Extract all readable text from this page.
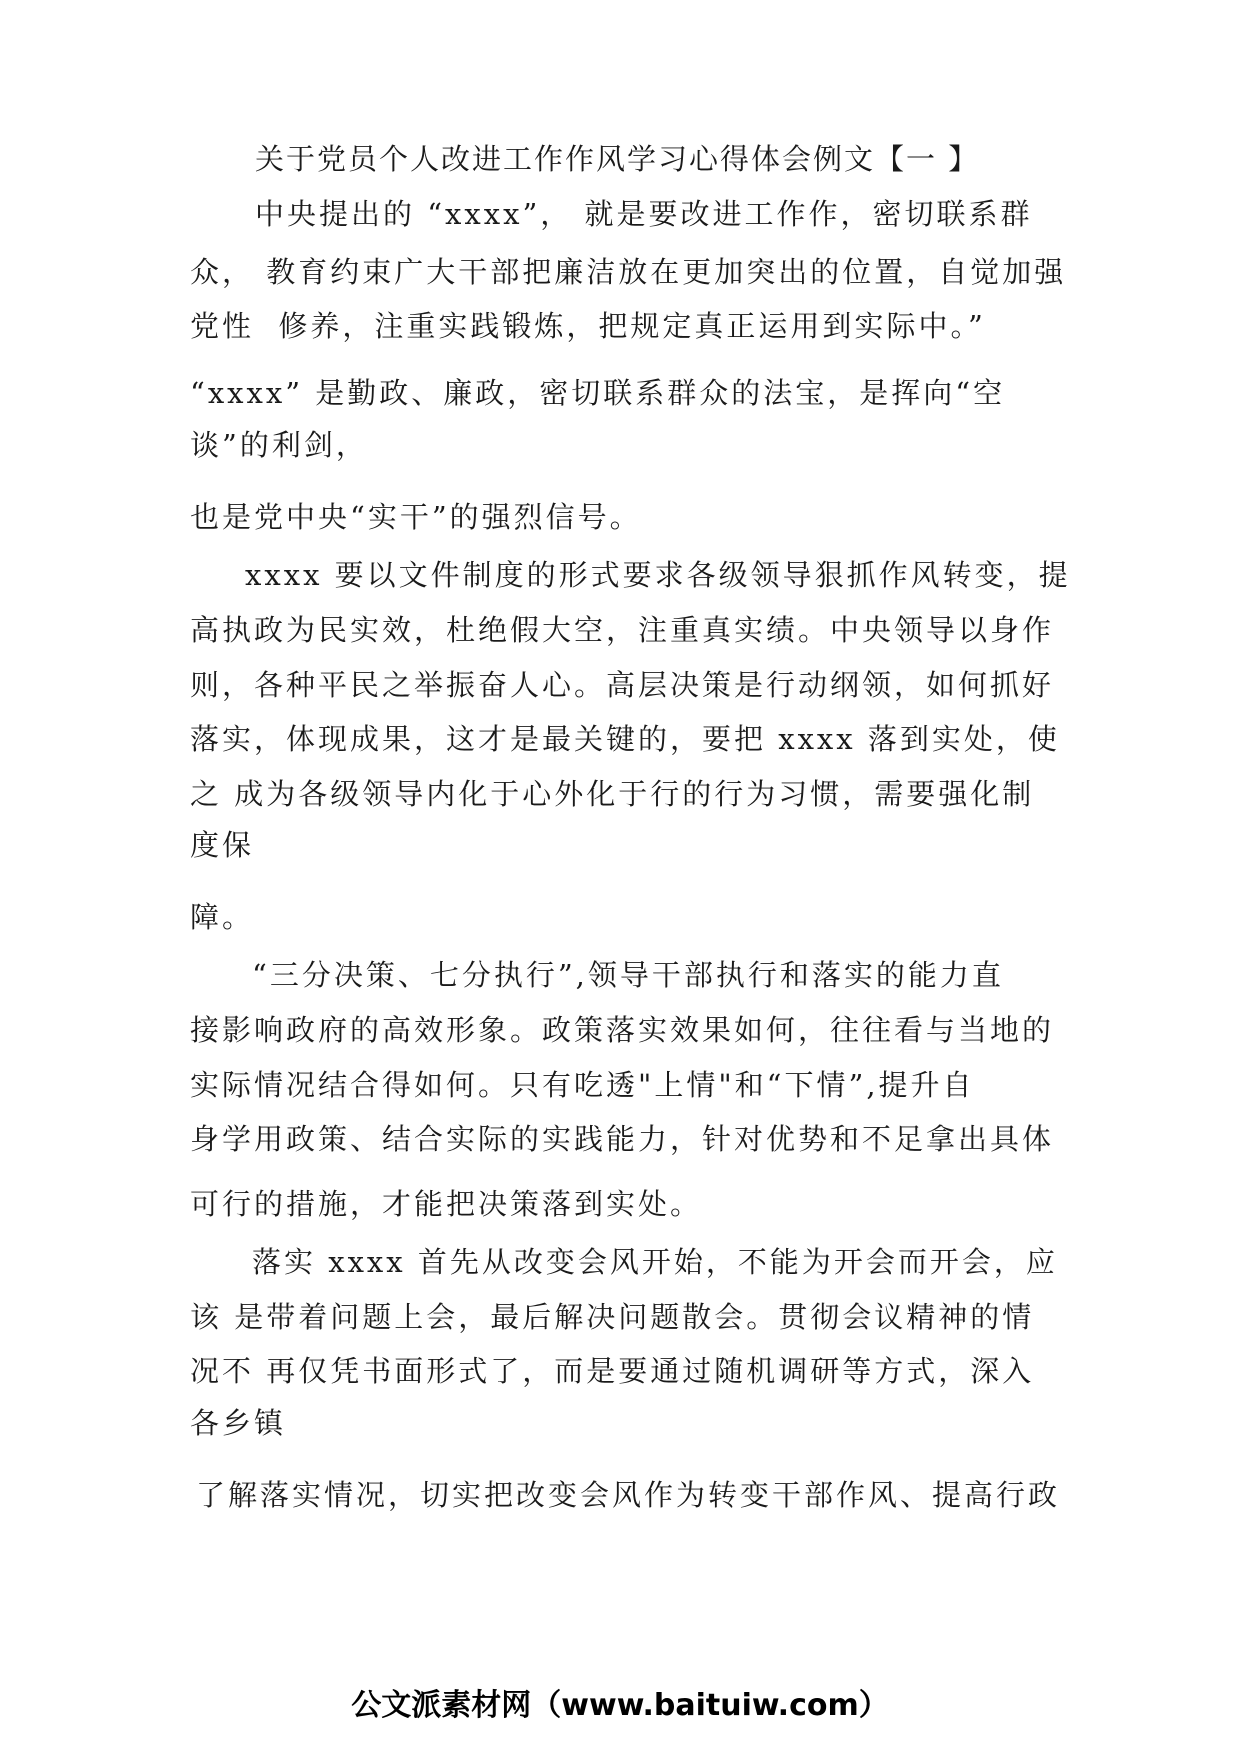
关于党员个人改进工作作风学习心得体会例文【一 】
中央提出的 “xxxx”， 就是要改进工作作，密切联系群
众， 教育约束广大干部把廉洁放在更加突出的位置，自觉加强
党性  修养，注重实践锻炼，把规定真正运用到实际中。”
“xxxx” 是勤政、廉政，密切联系群众的法宝，是挥向“空
谈”的利剑，
也是党中央“实干”的强烈信号。
xxxx 要以文件制度的形式要求各级领导狠抓作风转变，提
高执政为民实效，杜绝假大空，注重真实绩。中央领导以身作
则，各种平民之举振奋人心。高层决策是行动纲领，如何抓好
落实，体现成果，这才是最关键的，要把 xxxx 落到实处，使
之 成为各级领导内化于心外化于行的行为习惯，需要强化制
度保
障。
“三分决策、七分执行”,领导干部执行和落实的能力直
接影响政府的高效形象。政策落实效果如何，往往看与当地的
实际情况结合得如何。只有吃透"上情"和“下情”,提升自
身学用政策、结合实际的实践能力，针对优势和不足拿出具体
可行的措施，才能把决策落到实处。
落实 xxxx 首先从改变会风开始，不能为开会而开会，应
该 是带着问题上会，最后解决问题散会。贯彻会议精神的情
况不 再仅凭书面形式了，而是要通过随机调研等方式，深入
各乡镇
了解落实情况，切实把改变会风作为转变干部作风、提高行政
公文派素材网（www.baituiw.com）
